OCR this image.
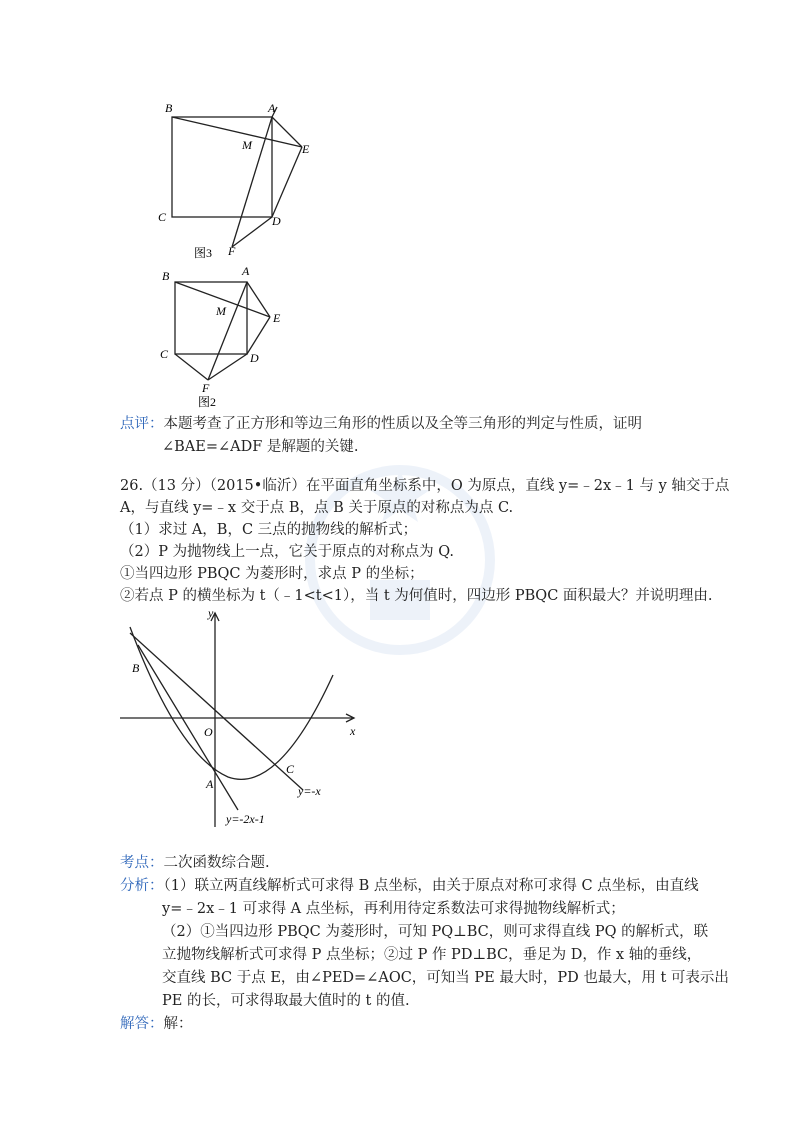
B	A
M	E
C	D
F
图3
B	A
M	E
C	D
F
图2
点评：本题考查了正方形和等边三角形的性质以及全等三角形的判定与性质，证明
∠BAE=∠ADF 是解题的关键.
26.（13 分）（2015•临沂）在平面直角坐标系中，O 为原点，直线 y=﹣2x﹣1 与 y 轴交于点
A，与直线 y=﹣x 交于点 B，点 B 关于原点的对称点为点 C.
（1）求过 A，B，C 三点的抛物线的解析式；
（2）P 为抛物线上一点，它关于原点的对称点为 Q.
①当四边形 PBQC 为菱形时，求点 P 的坐标；
②若点 P 的横坐标为 t（﹣1<t<1），当 t 为何值时，四边形 PBQC 面积最大？并说明理由.
y
x
O
B
A
C
y=-x
y=-2x-1
考点：二次函数综合题.
分析：（1）联立两直线解析式可求得 B 点坐标，由关于原点对称可求得 C 点坐标，由直线
y=﹣2x﹣1 可求得 A 点坐标，再利用待定系数法可求得抛物线解析式；
（2）①当四边形 PBQC 为菱形时，可知 PQ⊥BC，则可求得直线 PQ 的解析式，联
立抛物线解析式可求得 P 点坐标；②过 P 作 PD⊥BC，垂足为 D，作 x 轴的垂线，
交直线 BC 于点 E，由∠PED=∠AOC，可知当 PE 最大时，PD 也最大，用 t 可表示出
PE 的长，可求得取最大值时的 t 的值.
解答：解：
